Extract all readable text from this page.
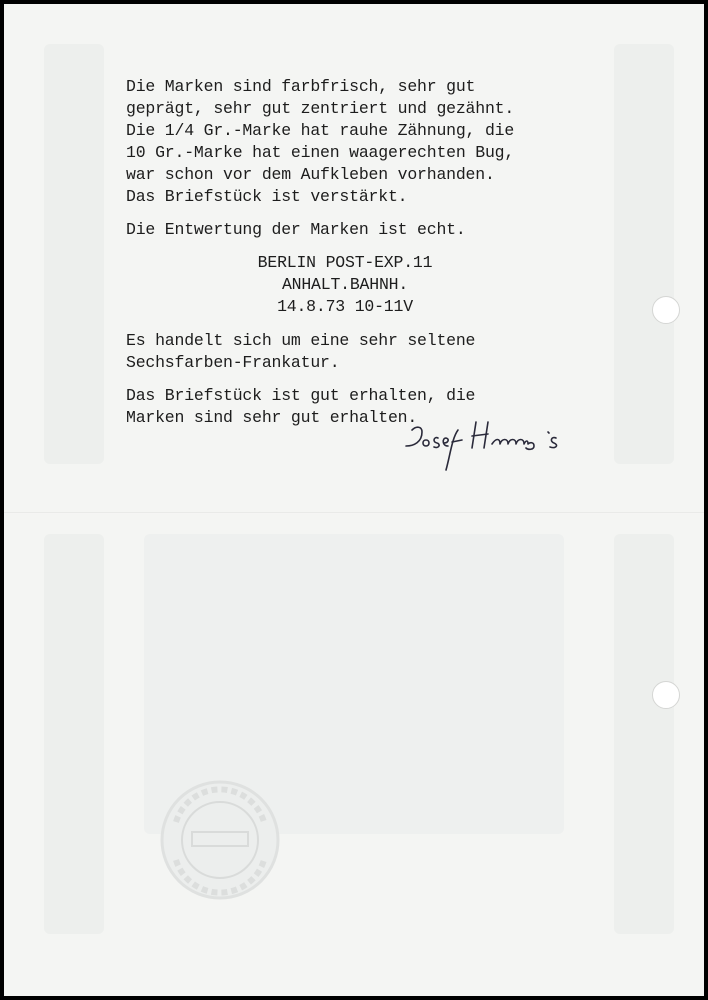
Die Marken sind farbfrisch, sehr gut
geprägt, sehr gut zentriert und gezähnt.
Die 1/4 Gr.-Marke hat rauhe Zähnung, die
10 Gr.-Marke hat einen waagerechten Bug,
war schon vor dem Aufkleben vorhanden.
Das Briefstück ist verstärkt.

Die Entwertung der Marken ist echt.

BERLIN POST-EXP.11
ANHALT.BAHNH.
14.8.73 10-11V

Es handelt sich um eine sehr seltene
Sechsfarben-Frankatur.

Das Briefstück ist gut erhalten, die
Marken sind sehr gut erhalten.
